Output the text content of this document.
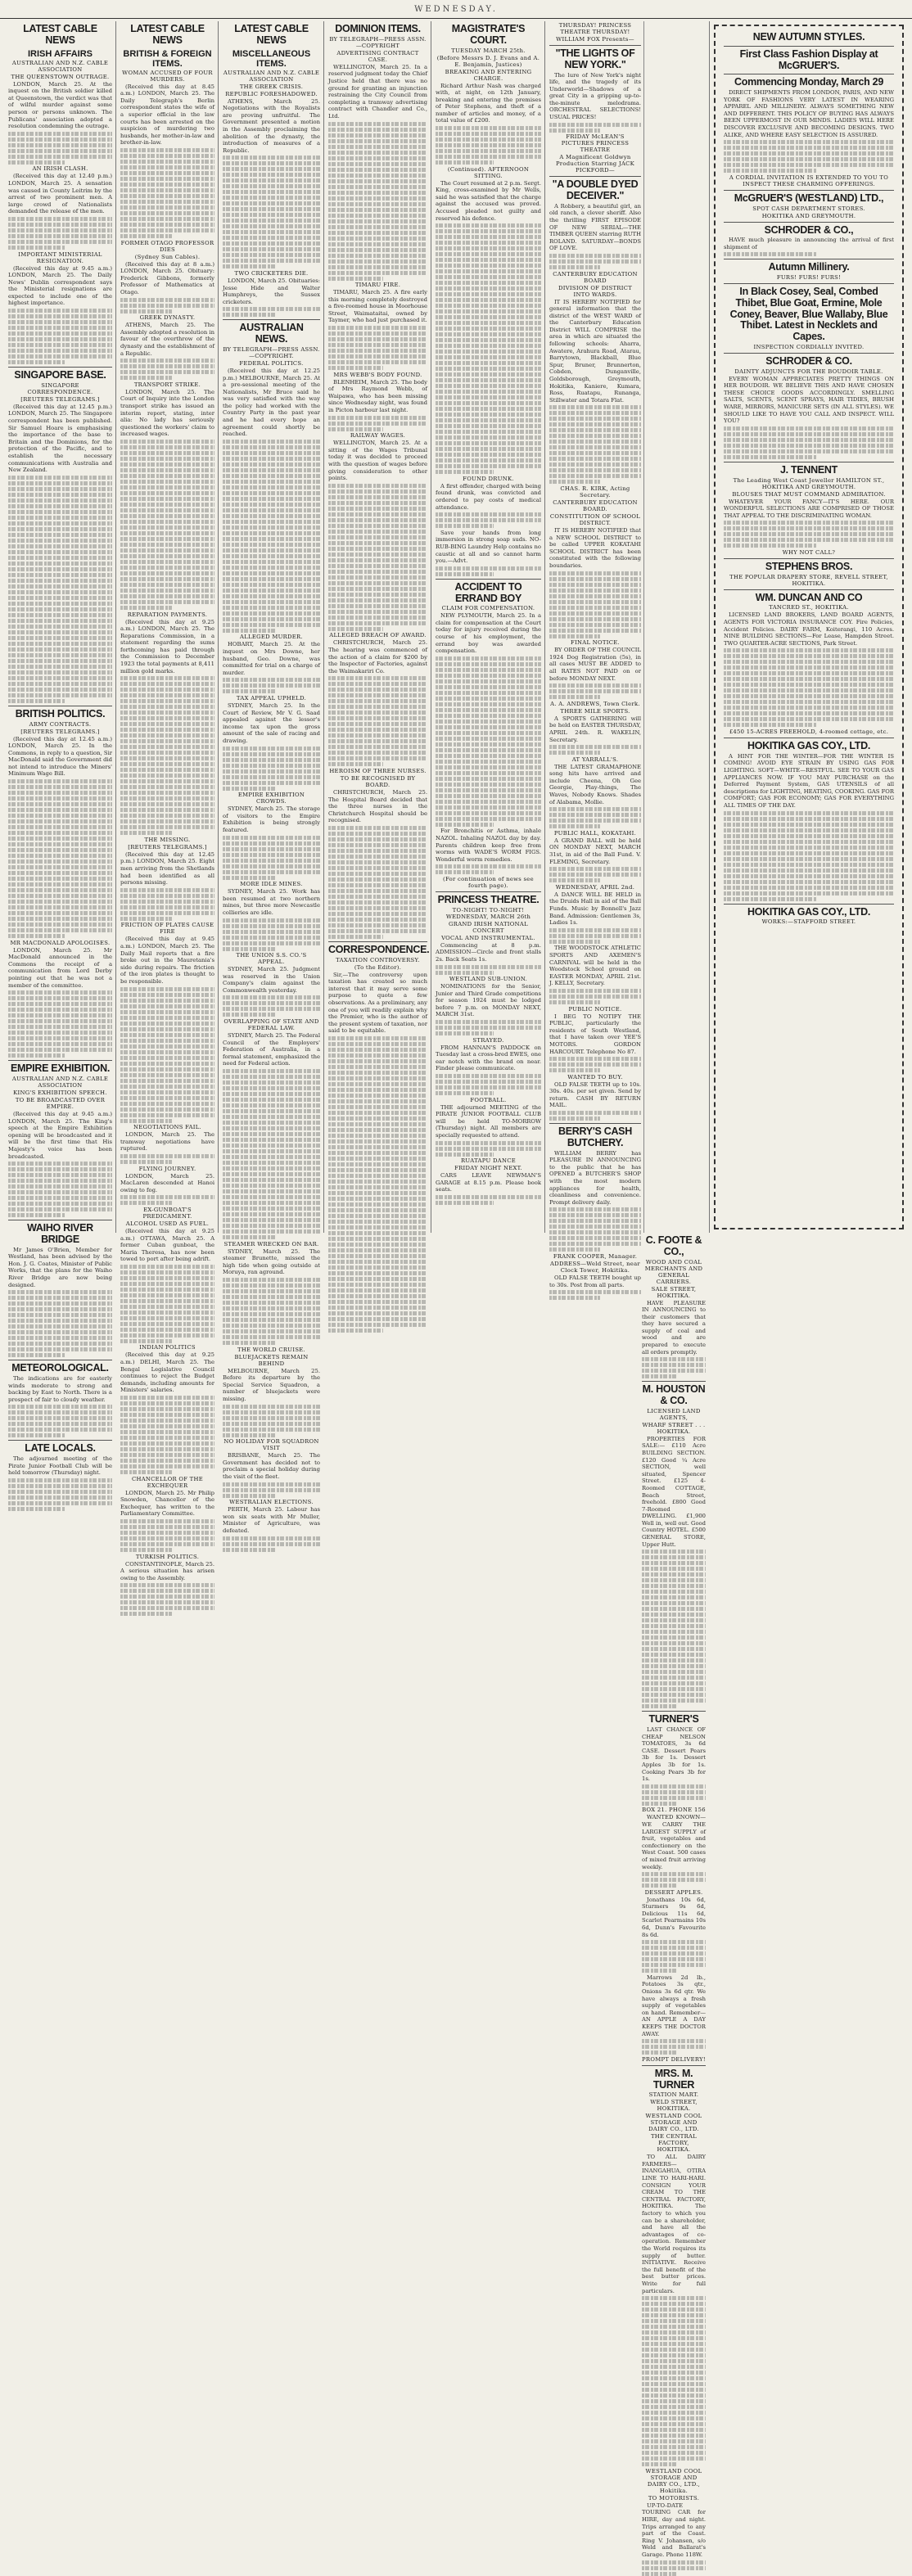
WEDNESDAY.
LATEST CABLE NEWS
IRISH AFFAIRS
AUSTRALIAN AND N.Z. CABLE ASSOCIATION
THE QUEENSTOWN OUTRAGE.

LONDON, March 25. At the inquest on the British soldier killed at Queenstown, the verdict was that of wilful murder against some person or persons unknown. The Publicans' association adopted a resolution condemning the outrage.

AN IRISH CLASH.

(Received this day at 12.40 p.m.) LONDON, March 25. A sensation was caused in County Leitrim by the arrest of two prominent men. A large crowd of Nationalists demanded the release of the men.

IMPORTANT MINISTERIAL RESIGNATION.

(Received this day at 9.45 a.m.) LONDON, March 25. The Daily News' Dublin correspondent says the Ministerial resignations are expected to include one of the highest importance.

SINGAPORE BASE.
SINGAPORE CORRESPONDENCE.
[REUTERS TELEGRAMS.]

(Received this day at 12.45 p.m.) LONDON, March 25. The Singapore correspondent has been published. Sir Samuel Hoare is emphasising the importance of the base to Britain and the Dominions, for the protection of the Pacific, and to establish the necessary communications with Australia and New Zealand.

BRITISH POLITICS.
ARMY CONTRACTS.
[REUTERS TELEGRAMS.]

(Received this day at 12.45 a.m.) LONDON, March 25. In the Commons, in reply to a question, Sir MacDonald said the Government did not intend to introduce the Miners' Minimum Wage Bill.

MR MACDONALD APOLOGISES.

LONDON, March 25. Mr MacDonald announced in the Commons the receipt of a communication from Lord Derby pointing out that he was not a member of the committee.

EMPIRE EXHIBITION.
AUSTRALIAN AND N.Z. CABLE ASSOCIATION
KING'S EXHIBITION SPEECH.
TO BE BROADCASTED OVER EMPIRE.

(Received this day at 9.45 a.m.) LONDON, March 25. The King's speech at the Empire Exhibition opening will be broadcasted and it will be the first time that His Majesty's voice has been broadcasted.

WAIHO RIVER BRIDGE

Mr James O'Brien, Member for Westland, has been advised by the Hon. J. G. Coates, Minister of Public Works, that the plans for the Waiho River Bridge are now being designed.

METEOROLOGICAL.

The indications are for easterly winds moderate to strong and backing by East to North. There is a prospect of fair to cloudy weather.

LATE LOCALS.

The adjourned meeting of the Pirate Junior Football Club will be held tomorrow (Thursday) night.

LATEST CABLE NEWS
BRITISH & FOREIGN ITEMS.
WOMAN ACCUSED OF FOUR MURDERS.

(Received this day at 8.45 a.m.) LONDON, March 25. The Daily Telegraph's Berlin correspondent states the wife of a superior official in the law courts has been arrested on the suspicion of murdering two husbands, her mother-in-law and brother-in-law.

FORMER OTAGO PROFESSOR DIES
(Sydney Sun Cables).

(Received this day at 8 a.m.) LONDON, March 25. Obituary: Frederick Gibbons, formerly Professor of Mathematics at Otago.

GREEK DYNASTY.

ATHENS, March 25. The Assembly adopted a resolution in favour of the overthrow of the dynasty and the establishment of a Republic.

TRANSPORT STRIKE.

LONDON, March 25. The Court of Inquiry into the London transport strike has issued an interim report, stating, inter alia: No lady has seriously questioned the workers' claim to increased wages.

REPARATION PAYMENTS.

(Received this day at 9.25 a.m.) LONDON, March 25. The Reparations Commission, in a statement regarding the sums forthcoming has paid through the Commission to December 1923 the total payments at 8,411 million gold marks.

THE MISSING.
[REUTERS TELEGRAMS.]

(Received this day at 12.45 p.m.) LONDON, March 25. Eight men arriving from the Shetlands had been identified as all persons missing.

FRICTION OF PLATES CAUSE FIRE

(Received this day at 9.45 a.m.) LONDON, March 25. The Daily Mail reports that a fire broke out in the Mauretania's side during repairs. The friction of the iron plates is thought to be responsible.

NEGOTIATIONS FAIL.

LONDON, March 25. The tramway negotiations have ruptured.

FLYING JOURNEY.

LONDON, March 25. MacLaren descended at Hanoi owing to fog.

EX-GUNBOAT'S PREDICAMENT.
ALCOHOL USED AS FUEL.

(Received this day at 9.25 a.m.) OTTAWA, March 25. A former Cuban gunboat, the Maria Theresa, has now been towed to port after being adrift.

INDIAN POLITICS

(Received this day at 9.25 a.m.) DELHI, March 25. The Bengal Legislative Council continues to reject the Budget demands, including amounts for Ministers' salaries.

CHANCELLOR OF THE EXCHEQUER

LONDON, March 25. Mr Philip Snowden, Chancellor of the Exchequer, has written to the Parliamentary Committee.

TURKISH POLITICS.

CONSTANTINOPLE, March 25. A serious situation has arisen owing to the Assembly.

LATEST CABLE NEWS
MISCELLANEOUS ITEMS.
AUSTRALIAN AND N.Z. CABLE ASSOCIATION
THE GREEK CRISIS.
REPUBLIC FORESHADOWED.

ATHENS, March 25. Negotiations with the Royalists are proving unfruitful. The Government presented a motion in the Assembly proclaiming the abolition of the dynasty, the introduction of measures of a Republic.

TWO CRICKETERS DIE.

LONDON, March 25. Obituaries: Jesse Hide and Walter Humphreys, the Sussex cricketers.

AUSTRALIAN NEWS.
BY TELEGRAPH—PRESS ASSN.—COPYRIGHT.
FEDERAL POLITICS.

(Received this day at 12.25 p.m.) MELBOURNE, March 25. At a pre-sessional meeting of the Nationalists, Mr Bruce said he was very satisfied with the way the policy had worked with the Country Party in the past year and he had every hope an agreement could shortly be reached.

ALLEGED MURDER.

HOBART, March 25. At the inquest on Mrs Downe, her husband, Geo. Downe, was committed for trial on a charge of murder.

TAX APPEAL UPHELD.

SYDNEY, March 25. In the Court of Review, Mr V. G. Saad appealed against the lessor's income tax upon the gross amount of the sale of racing and drawing.

EMPIRE EXHIBITION CROWDS.

SYDNEY, March 25. The storage of visitors to the Empire Exhibition is being strongly featured.

MORE IDLE MINES.

SYDNEY, March 25. Work has been resumed at two northern mines, but three more Newcastle collieries are idle.

THE UNION S.S. CO.'S APPEAL.

SYDNEY, March 25. Judgment was reserved in the Union Company's claim against the Commonwealth yesterday.

OVERLAPPING OF STATE AND FEDERAL LAW.

SYDNEY, March 25. The Federal Council of the Employers' Federation of Australia, in a formal statement, emphasized the need for Federal action.

STEAMER WRECKED ON BAR.

SYDNEY, March 25. The steamer Brunette, missed the high tide when going outside at Moruya, ran aground.

THE WORLD CRUISE.
BLUEJACKETS REMAIN BEHIND

MELBOURNE, March 25. Before its departure by the Special Service Squadron, a number of bluejackets were missing.

NO HOLIDAY FOR SQUADRON VISIT

BRISBANE, March 25. The Government has decided not to proclaim a special holiday during the visit of the fleet.

WESTRALIAN ELECTIONS.

PERTH, March 25. Labour has won six seats with Mr Muller, Minister of Agriculture, was defeated.

DOMINION ITEMS.
BY TELEGRAPH—PRESS ASSN.—COPYRIGHT
ADVERTISING CONTRACT CASE.

WELLINGTON, March 25. In a reserved judgment today the Chief Justice held that there was no ground for granting an injunction restraining the City Council from completing a tramway advertising contract with Chandler and Co., Ltd.

TIMARU FIRE.

TIMARU, March 25. A fire early this morning completely destroyed a five-roomed house in Moorhouse Street, Waimataitai, owned by Taymer, who had just purchased it.

MRS WEBB'S BODY FOUND.

BLENHEIM, March 25. The body of Mrs Raymond Webb, of Waipawa, who has been missing since Wednesday night, was found in Picton harbour last night.

RAILWAY WAGES.

WELLINGTON, March 25. At a sitting of the Wages Tribunal today it was decided to proceed with the question of wages before giving consideration to other points.

ALLEGED BREACH OF AWARD.

CHRISTCHURCH, March 25. The hearing was commenced of the action of a claim for $200 by the Inspector of Factories, against the Waimakariri Co.

HEROISM OF THREE NURSES.
TO BE RECOGNISED BY BOARD.

CHRISTCHURCH, March 25. The Hospital Board decided that the three nurses in the Christchurch Hospital should be recognised.

CORRESPONDENCE.
TAXATION CONTROVERSY.
(To the Editor).

Sir,—The controversy upon taxation has created so much interest that it may serve some purpose to quote a few observations. As a preliminary, any one of you will readily explain why the Premier, who is the author of the present system of taxation, nor said to be equitable.

MAGISTRATE'S COURT.
TUESDAY MARCH 25th.
(Before Messrs D. J. Evans and A. E. Benjamin, Justices)
BREAKING AND ENTERING CHARGE.

Richard Arthur Nash was charged with, at night, on 12th January, breaking and entering the premises of Peter Stephens, and theft of a number of articles and money, of a total value of £200.

(Continued). AFTERNOON SITTING.

The Court resumed at 2 p.m. Sergt. King, cross-examined by Mr Wells, said he was satisfied that the charge against the accused was proved. Accused pleaded not guilty and reserved his defence.

FOUND DRUNK.

A first offender, charged with being found drunk, was convicted and ordered to pay costs of medical attendance.

Save your hands from long immersion in strong soap suds. NO-RUB-BING Laundry Help contains no caustic at all and so cannot harm you.—Advt.

ACCIDENT TO ERRAND BOY
CLAIM FOR COMPENSATION.

NEW PLYMOUTH, March 25. In a claim for compensation at the Court today for injury received during the course of his employment, the errand boy was awarded compensation.

For Bronchitis or Asthma, inhale NAZOL. Inhaling NAZOL day by day. Parents children keep free from worms with WADE'S WORM FIGS. Wonderful worm remedies.

(For continuation of news see fourth page).
PRINCESS THEATRE.
TO-NIGHT! TO-NIGHT! WEDNESDAY, MARCH 26th
GRAND IRISH NATIONAL CONCERT
VOCAL AND INSTRUMENTAL.

Commencing at 8 p.m. ADMISSION—Circle and front stalls 2s. Back Seats 1s.

WESTLAND SUB-UNION.

NOMINATIONS for the Senior, Junior and Third Grade competitions for season 1924 must be lodged before 7 p.m. on MONDAY NEXT, MARCH 31st.

STRAYED.

FROM HANNAN'S PADDOCK on Tuesday last a cross-bred EWES, one ear notch with the brand on near. Finder please communicate.

FOOTBALL.

THE adjourned MEETING of the PIRATE JUNIOR FOOTBALL CLUB will be held TO-MORROW (Thursday) night. All members are specially requested to attend.

RUATAPU DANCE
FRIDAY NIGHT NEXT.

CARS LEAVE NEWMAN'S GARAGE at 8.15 p.m. Please book seats.

THURSDAY! PRINCESS THEATRE THURSDAY!
WILLIAM FOX Presents—
"THE LIGHTS OF NEW YORK."

The lure of New York's night life, and the tragedy of its Underworld—Shadows of a great City in a gripping up-to-the-minute melodrama. ORCHESTRAL SELECTIONS! USUAL PRICES!

FRIDAY McLEAN'S PICTURES PRINCESS THEATRE
A Magnificent Goldwyn Production Starring JACK PICKFORD—
"A DOUBLE DYED DECEIVER."

A Robbery, a beautiful girl, an old ranch, a clever sheriff. Also the thrilling FIRST EPISODE OF NEW SERIAL—THE TIMBER QUEEN starring RUTH ROLAND. SATURDAY—BONDS OF LOVE.

CANTERBURY EDUCATION BOARD
DIVISION OF DISTRICT INTO WARDS.

IT IS HEREBY NOTIFIED for general information that the district of the WEST WARD of the Canterbury Education District WILL COMPRISE the area in which are situated the following schools: Aharra, Awatere, Arahura Road, Atarau, Barrytown, Blackball, Blue Spur, Bruner, Brunnerton, Cobden, Dunganville, Goldsborough, Greymouth, Hokitika, Kaniere, Kumara, Ross, Ruatapu, Runanga, Stillwater and Totara Flat.

CHAS. R. KIRK, Acting Secretary.
CANTERBURY EDUCATION BOARD.
CONSTITUTION OF SCHOOL DISTRICT.

IT IS HEREBY NOTIFIED that a NEW SCHOOL DISTRICT to be called UPPER KOKATAHI SCHOOL DISTRICT has been constituted with the following boundaries.

FINAL NOTICE.

BY ORDER OF THE COUNCIL 1924 Dog Registration (5s), in all cases MUST BE ADDED to all RATES NOT PAID on or before MONDAY NEXT.

A. A. ANDREWS, Town Clerk.
THREE MILE SPORTS.

A SPORTS GATHERING will be held on EASTER THURSDAY, APRIL 24th. R. WAKELIN, Secretary.

AT YARRALL'S.

THE LATEST GRAMAPHONE song hits have arrived and include Cheena, Oh Gee Georgie, Play-things, The Waves, Nobody Knows. Shades of Alabama, Mollie.

PUBLIC HALL, KOKATAHI.

A GRAND BALL will be held ON MONDAY NEXT, MARCH 31st, in aid of the Ball Fund. V. FLEMING, Secretary.

WEDNESDAY, APRIL 2nd.

A DANCE WILL BE HELD in the Druids Hall in aid of the Ball Funds. Music by Bonnell's Jazz Band. Admission: Gentlemen 3s, Ladies 1s.

THE WOODSTOCK ATHLETIC SPORTS AND AXEMEN'S CARNIVAL will be held in the Woodstock School ground on EASTER MONDAY, APRIL 21st. J. KELLY, Secretary.

PUBLIC NOTICE.

I BEG TO NOTIFY THE PUBLIC, particularly the residents of South Westland, that I have taken over YEE'S MOTORS. GORDON HARCOURT. Telephone No 87.

WANTED TO BUY.

OLD FALSE TEETH up to 10s. 30s. 40s. per set given. Send by return. CASH BY RETURN MAIL.

BERRY'S CASH BUTCHERY.

WILLIAM BERRY has PLEASURE IN ANNOUNCING to the public that he has OPENED a BUTCHER'S SHOP with the most modern appliances for health, cleanliness and convenience. Prompt delivery daily.

FRANK COOPER, Manager.
ADDRESS—Weld Street, near Clock Tower, Hokitika.

OLD FALSE TEETH bought up to 30s. Post from all parts.

C. FOOTE & CO.,
WOOD AND COAL MERCHANTS AND GENERAL CARRIERS.
SALE STREET, HOKITIKA.

HAVE PLEASURE IN ANNOUNCING to their customers that they have secured a supply of coal and wood and are prepared to execute all orders promptly.

M. HOUSTON & CO.
LICENSED LAND AGENTS,
WHARF STREET . . . HOKITIKA.

PROPERTIES FOR SALE:— £110 Acre BUILDING SECTION. £120 Good ¼ Acre SECTION, well situated, Spencer Street. £125 4-Roomed COTTAGE, Beach Street, freehold. £800 Good 7-Roomed DWELLING. £1,900 Well in, well out. Good Country HOTEL. £500 GENERAL STORE, Upper Hutt.

TURNER'S

LAST CHANCE OF CHEAP NELSON TOMATOES, 3s 6d CASE. Dessert Pears 3b for 1s. Dessert Apples 3b for 1s. Cooking Pears 3b for 1s.

BOX 21. PHONE 156

WANTED KNOWN—WE CARRY THE LARGEST SUPPLY of fruit, vegetables and confectionery on the West Coast. 500 cases of mixed fruit arriving weekly.

DESSERT APPLES.

Jonathans 10s 6d, Sturmers 9s 6d, Delicious 11s 6d, Scarlet Pearmains 10s 6d, Dunn's Favourite 8s 6d.

Marrows 2d lb., Potatoes 3s qtr., Onions 3s 6d qtr. We have always a fresh supply of vegetables on hand. Remember—AN APPLE A DAY KEEPS THE DOCTOR AWAY.

PROMPT DELIVERY!
MRS. M. TURNER
STATION MART.
WELD STREET, HOKITIKA.
WESTLAND COOL STORAGE AND DAIRY CO., LTD.
THE CENTRAL FACTORY, HOKITIKA.

TO ALL DAIRY FARMERS—INANGAHUA, OTIRA LINE TO HARI-HARI. CONSIGN YOUR CREAM TO THE CENTRAL FACTORY, HOKITIKA. The factory to which you can be a shareholder, and have all the advantages of co-operation. Remember the World requires its supply of butter. INITIATIVE. Receive the full benefit of the best butter prices. Write for full particulars.

WESTLAND COOL STORAGE AND DAIRY CO., LTD., Hokitika.
TO MOTORISTS.

UP-TO-DATE TOURING CAR for HIRE, day and night. Trips arranged to any part of the Coast. Ring V. Johansen, s/o Weld and Ballarat's Garage. Phone 118W.

NEW AUTUMN STYLES.
First Class Fashion Display at McGRUER'S.
Commencing Monday, March 29

DIRECT SHIPMENTS FROM LONDON, PARIS, AND NEW YORK OF FASHIONS VERY LATEST IN WEARING APPAREL AND MILLINERY. ALWAYS SOMETHING NEW AND DIFFERENT. THIS POLICY OF BUYING HAS ALWAYS BEEN UPPERMOST IN OUR MINDS. LADIES WILL HERE DISCOVER EXCLUSIVE AND BECOMING DESIGNS. TWO ALIKE, AND WHERE EASY SELECTION IS ASSURED.

A CORDIAL INVITATION IS EXTENDED TO YOU TO INSPECT THESE CHARMING OFFERINGS.
McGRUER'S (WESTLAND) LTD.,
SPOT CASH DEPARTMENT STORES.
HOKITIKA AND GREYMOUTH.
SCHRODER & CO.,

HAVE much pleasure in announcing the arrival of first shipment of

Autumn Millinery.
FURS! FURS! FURS!
In Black Cosey, Seal, Combed Thibet, Blue Goat, Ermine, Mole Coney, Beaver, Blue Wallaby, Blue Thibet. Latest in Necklets and Capes.
INSPECTION CORDIALLY INVITED.
SCHRODER & CO.
DAINTY ADJUNCTS FOR THE BOUDOIR TABLE.

EVERY WOMAN APPRECIATES PRETTY THINGS ON HER BOUDOIR. WE BELIEVE THIS AND HAVE CHOSEN THESE CHOICE GOODS ACCORDINGLY. SMELLING SALTS, SCENTS, SCENT SPRAYS, HAIR TIDIES, BRUSH WARE, MIRRORS, MANICURE SETS (IN ALL STYLES). WE SHOULD LIKE TO HAVE YOU CALL AND INSPECT. WILL YOU?

J. TENNENT
The Leading West Coast Jeweller HAMILTON ST., HOKITIKA AND GREYMOUTH.
BLOUSES THAT MUST COMMAND ADMIRATION.

WHATEVER YOUR FANCY—IT'S HERE. OUR WONDERFUL SELECTIONS ARE COMPRISED OF THOSE THAT APPEAL TO THE DISCRIMINATING WOMAN.

WHY NOT CALL?
STEPHENS BROS.
THE POPULAR DRAPERY STORE, REVELL STREET, HOKITIKA.
WM. DUNCAN AND CO
TANCRED ST., HOKITIKA.

LICENSED LAND BROKERS, LAND BOARD AGENTS, AGENTS FOR VICTORIA INSURANCE COY. Fire Policies, Accident Policies. DAIRY FARM, Koiterangi, 110 Acres. NINE BUILDING SECTIONS—For Lease, Hampden Street. TWO QUARTER-ACRE SECTIONS, Park Street.

£450 15-ACRES FREEHOLD, 4-roomed cottage, etc.
HOKITIKA GAS COY., LTD.

A HINT FOR THE WINTER—FOR THE WINTER IS COMING! AVOID EYE STRAIN BY USING GAS FOR LIGHTING. SOFT—WHITE—RESTFUL. SEE TO YOUR GAS APPLIANCES NOW. IF YOU MAY PURCHASE on the Deferred Payment System, GAS UTENSILS of all descriptions for LIGHTING, HEATING, COOKING. GAS FOR COMFORT; GAS FOR ECONOMY; GAS FOR EVERYTHING ALL TIMES OF THE DAY.

HOKITIKA GAS COY., LTD.
WORKS:—STAFFORD STREET.
